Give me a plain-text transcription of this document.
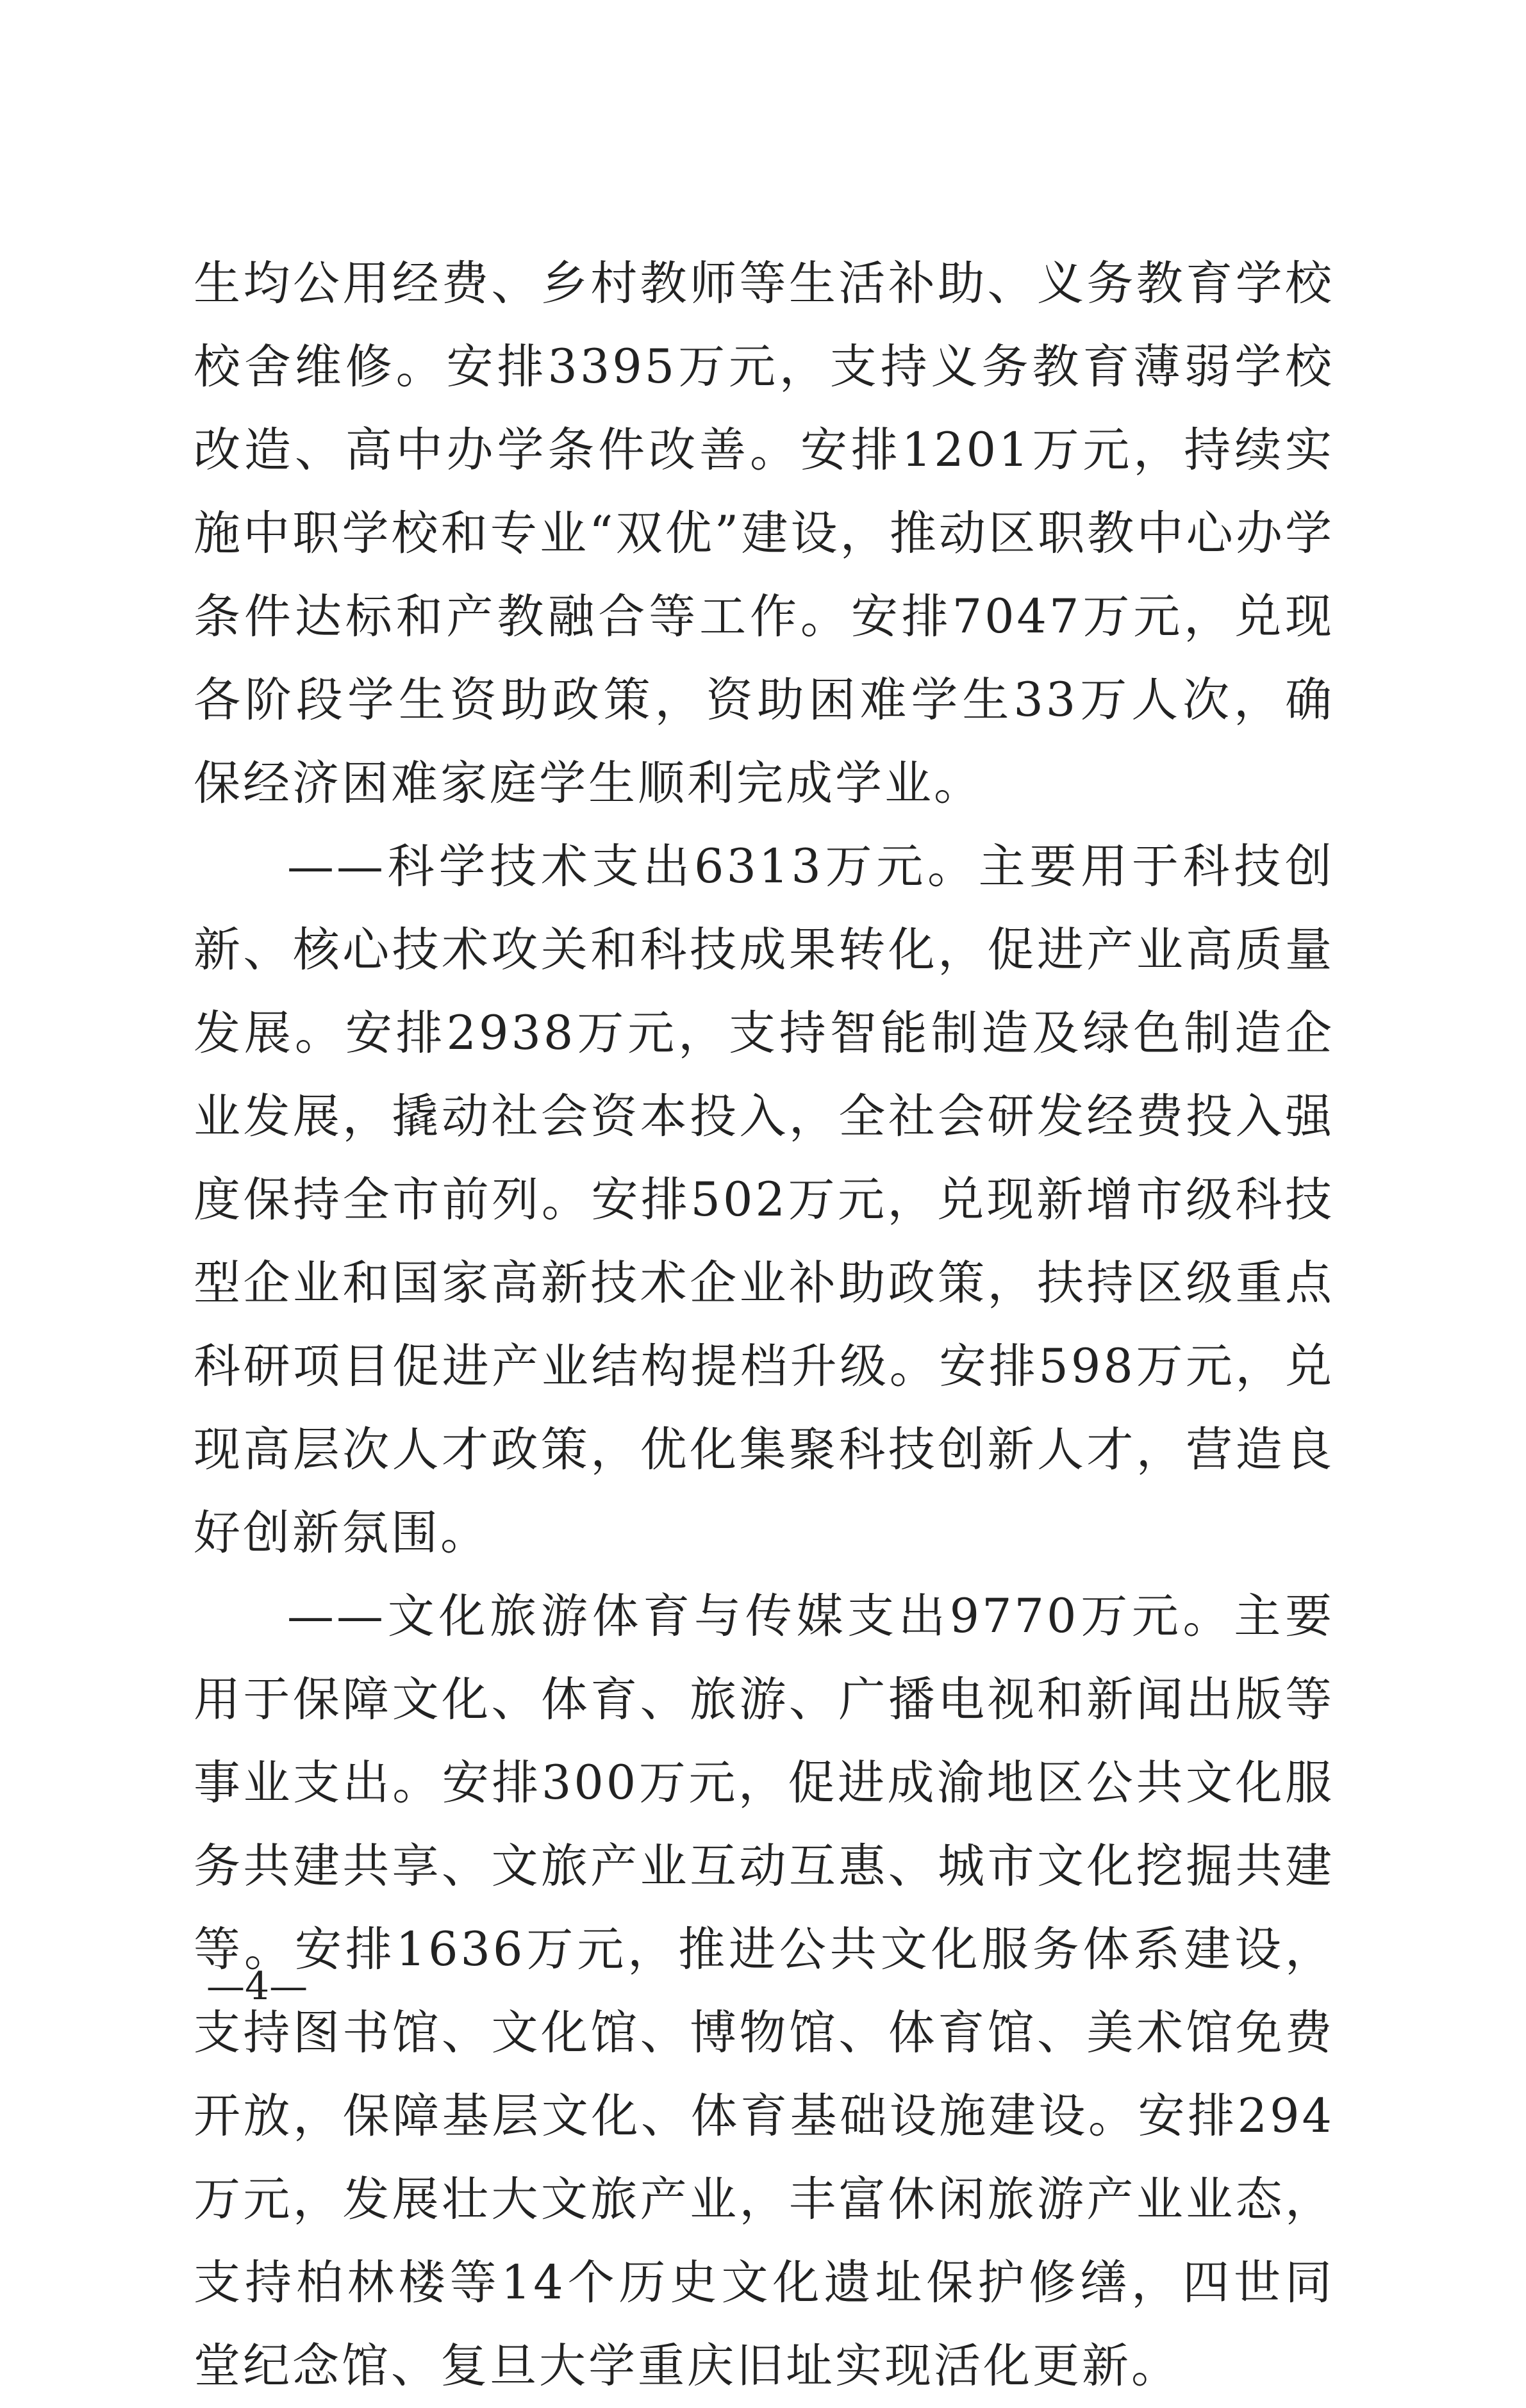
生均公用经费、乡村教师等生活补助、义务教育学校校舍维修。安排3395万元，支持义务教育薄弱学校改造、高中办学条件改善。安排1201万元，持续实施中职学校和专业“双优”建设，推动区职教中心办学条件达标和产教融合等工作。安排7047万元，兑现各阶段学生资助政策，资助困难学生33万人次，确保经济困难家庭学生顺利完成学业。

——科学技术支出6313万元。主要用于科技创新、核心技术攻关和科技成果转化，促进产业高质量发展。安排2938万元，支持智能制造及绿色制造企业发展，撬动社会资本投入，全社会研发经费投入强度保持全市前列。安排502万元，兑现新增市级科技型企业和国家高新技术企业补助政策，扶持区级重点科研项目促进产业结构提档升级。安排598万元，兑现高层次人才政策，优化集聚科技创新人才，营造良好创新氛围。

——文化旅游体育与传媒支出9770万元。主要用于保障文化、体育、旅游、广播电视和新闻出版等事业支出。安排300万元，促进成渝地区公共文化服务共建共享、文旅产业互动互惠、城市文化挖掘共建等。安排1636万元，推进公共文化服务体系建设，支持图书馆、文化馆、博物馆、体育馆、美术馆免费开放，保障基层文化、体育基础设施建设。安排294万元，发展壮大文旅产业，丰富休闲旅游产业业态，支持柏林楼等14个历史文化遗址保护修缮，四世同堂纪念馆、复旦大学重庆旧址实现活化更新。

—4—
